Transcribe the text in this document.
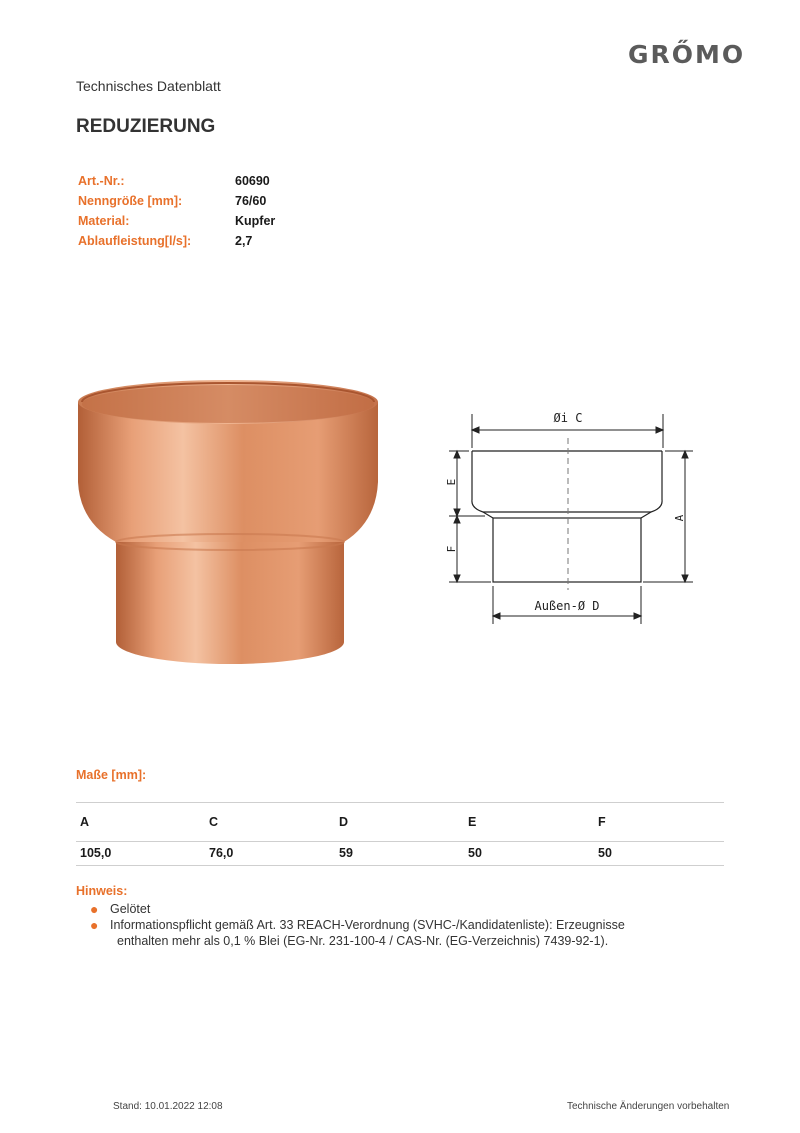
GRŐMO
Technisches Datenblatt
REDUZIERUNG
Art.-Nr.:	60690
Nenngröße [mm]:	76/60
Material:	Kupfer
Ablaufleistung[l/s]:	2,7
Øi C
Außen-Ø D
A
E
F
Maße [mm]:
A	C	D	E	F
105,0	76,0	59	50	50
Hinweis:
● Gelötet
● Informationspflicht gemäß Art. 33 REACH-Verordnung (SVHC-/Kandidatenliste): Erzeugnisse
enthalten mehr als 0,1 % Blei (EG-Nr. 231-100-4 / CAS-Nr. (EG-Verzeichnis) 7439-92-1).
Stand: 10.01.2022 12:08	Technische Änderungen vorbehalten
